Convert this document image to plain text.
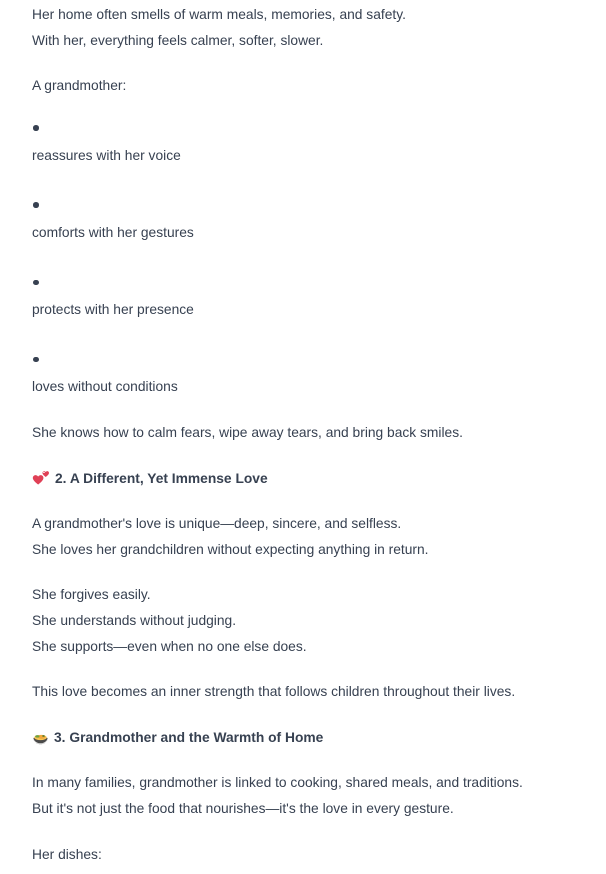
Her home often smells of warm meals, memories, and safety.
With her, everything feels calmer, softer, slower.
A grandmother:
reassures with her voice
comforts with her gestures
protects with her presence
loves without conditions
She knows how to calm fears, wipe away tears, and bring back smiles.
2. A Different, Yet Immense Love
A grandmother's love is unique—deep, sincere, and selfless.
She loves her grandchildren without expecting anything in return.
She forgives easily.
She understands without judging.
She supports—even when no one else does.
This love becomes an inner strength that follows children throughout their lives.
3. Grandmother and the Warmth of Home
In many families, grandmother is linked to cooking, shared meals, and traditions.
But it's not just the food that nourishes—it's the love in every gesture.
Her dishes:
